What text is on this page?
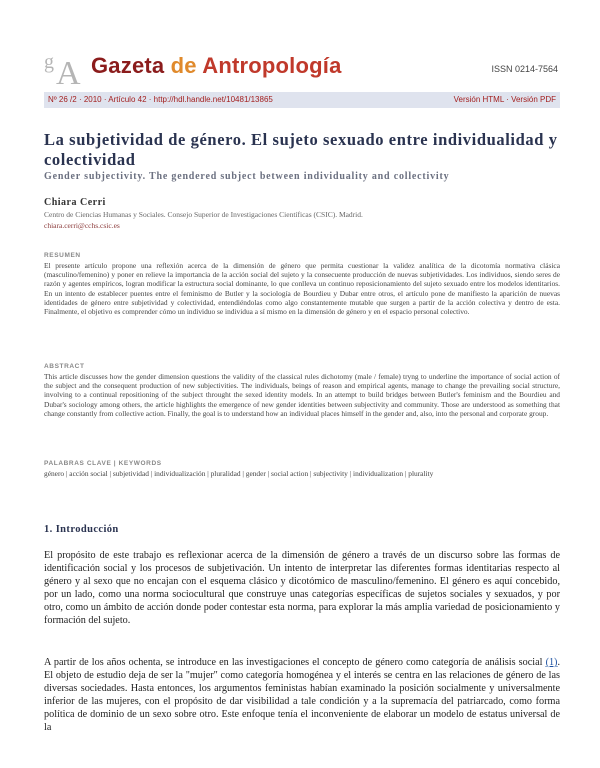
g A Gazeta de Antropología	ISSN 0214-7564
Nº 26 /2 · 2010 · Artículo 42 · http://hdl.handle.net/10481/13865	Versión HTML · Versión PDF
La subjetividad de género. El sujeto sexuado entre individualidad y colectividad
Gender subjectivity. The gendered subject between individuality and collectivity
Chiara Cerri
Centro de Ciencias Humanas y Sociales. Consejo Superior de Investigaciones Científicas (CSIC). Madrid.
chiara.cerri@cchs.csic.es
RESUMEN
El presente artículo propone una reflexión acerca de la dimensión de género que permita cuestionar la validez analítica de la dicotomía normativa clásica (masculino/femenino) y poner en relieve la importancia de la acción social del sujeto y la consecuente producción de nuevas subjetividades. Los individuos, siendo seres de razón y agentes empíricos, logran modificar la estructura social dominante, lo que conlleva un continuo reposicionamiento del sujeto sexuado entre los modelos identitarios. En un intento de establecer puentes entre el feminismo de Butler y la sociología de Bourdieu y Dubar entre otros, el artículo pone de manifiesto la aparición de nuevas identidades de género entre subjetividad y colectividad, entendiéndolas como algo constantemente mutable que surgen a partir de la acción colectiva y dentro de esta. Finalmente, el objetivo es comprender cómo un individuo se individua a sí mismo en la dimensión de género y en el espacio personal colectivo.
ABSTRACT
This article discusses how the gender dimension questions the validity of the classical rules dichotomy (male / female) tryng to underline the importance of social action of the subject and the consequent production of new subjectivities. The individuals, beings of reason and empirical agents, manage to change the prevailing social structure, involving to a continual repositioning of the subject throught the sexed identity models. In an attempt to build bridges between Butler's feminism and the Bourdieu and Dubar's sociology among others, the article highlights the emergence of new gender identities between subjectivity and community. Those are understood as something that change constantly from collective action. Finally, the goal is to understand how an individual places himself in the gender and, also, into the personal and corporate group.
PALABRAS CLAVE | KEYWORDS
género | acción social | subjetividad | individualización | pluralidad | gender | social action | subjectivity | individualization | plurality
1. Introducción
El propósito de este trabajo es reflexionar acerca de la dimensión de género a través de un discurso sobre las formas de identificación social y los procesos de subjetivación. Un intento de interpretar las diferentes formas identitarias respecto al género y al sexo que no encajan con el esquema clásico y dicotómico de masculino/femenino. El género es aquí concebido, por un lado, como una norma sociocultural que construye unas categorías específicas de sujetos sociales y sexuados, y por otro, como un ámbito de acción donde poder contestar esta norma, para explorar la más amplia variedad de posicionamiento y formación del sujeto.
A partir de los años ochenta, se introduce en las investigaciones el concepto de género como categoría de análisis social (1). El objeto de estudio deja de ser la "mujer" como categoría homogénea y el interés se centra en las relaciones de género de las diversas sociedades. Hasta entonces, los argumentos feministas habían examinado la posición socialmente y universalmente inferior de las mujeres, con el propósito de dar visibilidad a tale condición y a la supremacía del patriarcado, como forma política de dominio de un sexo sobre otro. Este enfoque tenía el inconveniente de elaborar un modelo de estatus universal de la
